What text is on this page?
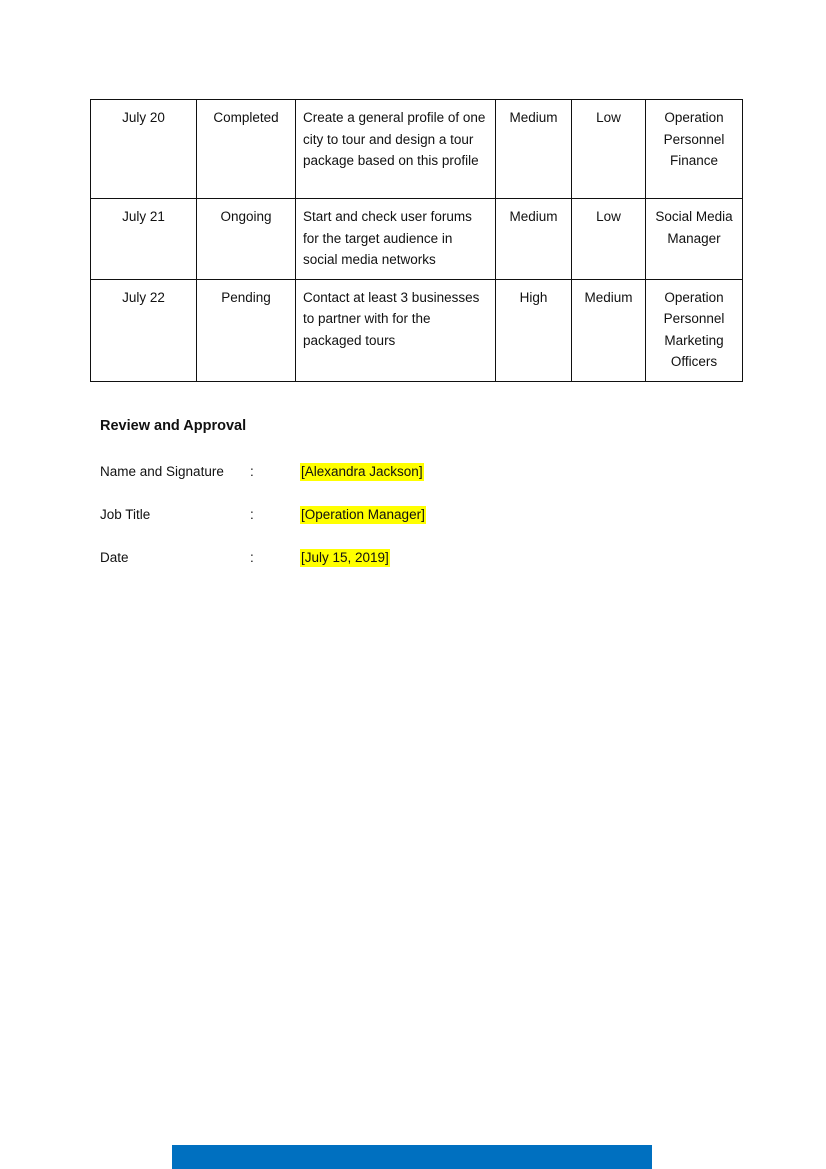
July 20	Completed	Create a general profile of one city to tour and design a tour package based on this profile	Medium	Low	Operation
Personnel
Finance
July 21	Ongoing	Start and check user forums for the target audience in social media networks	Medium	Low	Social Media
Manager
July 22	Pending	Contact at least 3 businesses to partner with for the packaged tours	High	Medium	Operation
Personnel
Marketing
Officers
Review and Approval
Name and Signature :	[Alexandra Jackson]
Job Title	:	[Operation Manager]
Date	:	[July 15, 2019]
